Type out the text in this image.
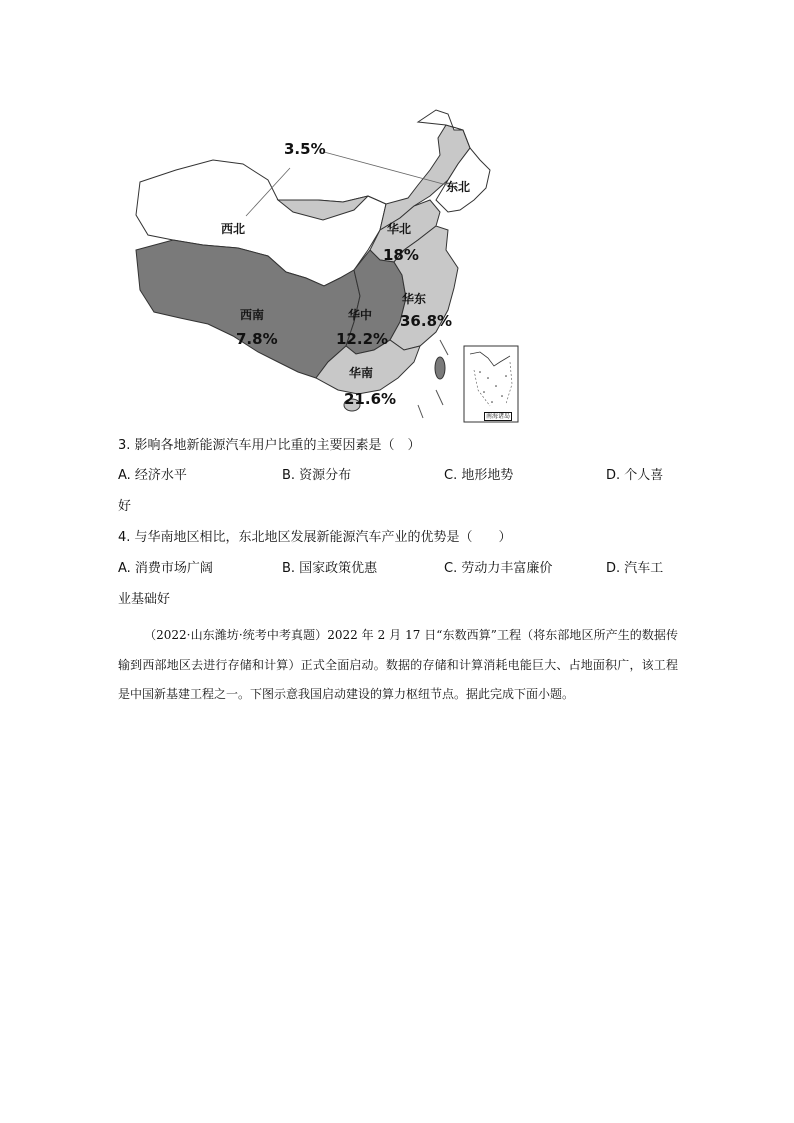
3.5%
东北
西北	华北
18%
华东
36.8%
西南
7.8%
华中
12.2%
华南
21.6%
南海诸岛
3. 影响各地新能源汽车用户比重的主要因素是（　）
A. 经济水平	B. 资源分布	C. 地形地势	D. 个人喜
好
4. 与华南地区相比，东北地区发展新能源汽车产业的优势是（　　）
A. 消费市场广阔	B. 国家政策优惠	C. 劳动力丰富廉价	D. 汽车工
业基础好
（2022·山东潍坊·统考中考真题）2022 年 2 月 17 日“东数西算”工程（将东部地区所产生的数据传输到西部地区去进行存储和计算）正式全面启动。数据的存储和计算消耗电能巨大、占地面积广，该工程是中国新基建工程之一。下图示意我国启动建设的算力枢纽节点。据此完成下面小题。
